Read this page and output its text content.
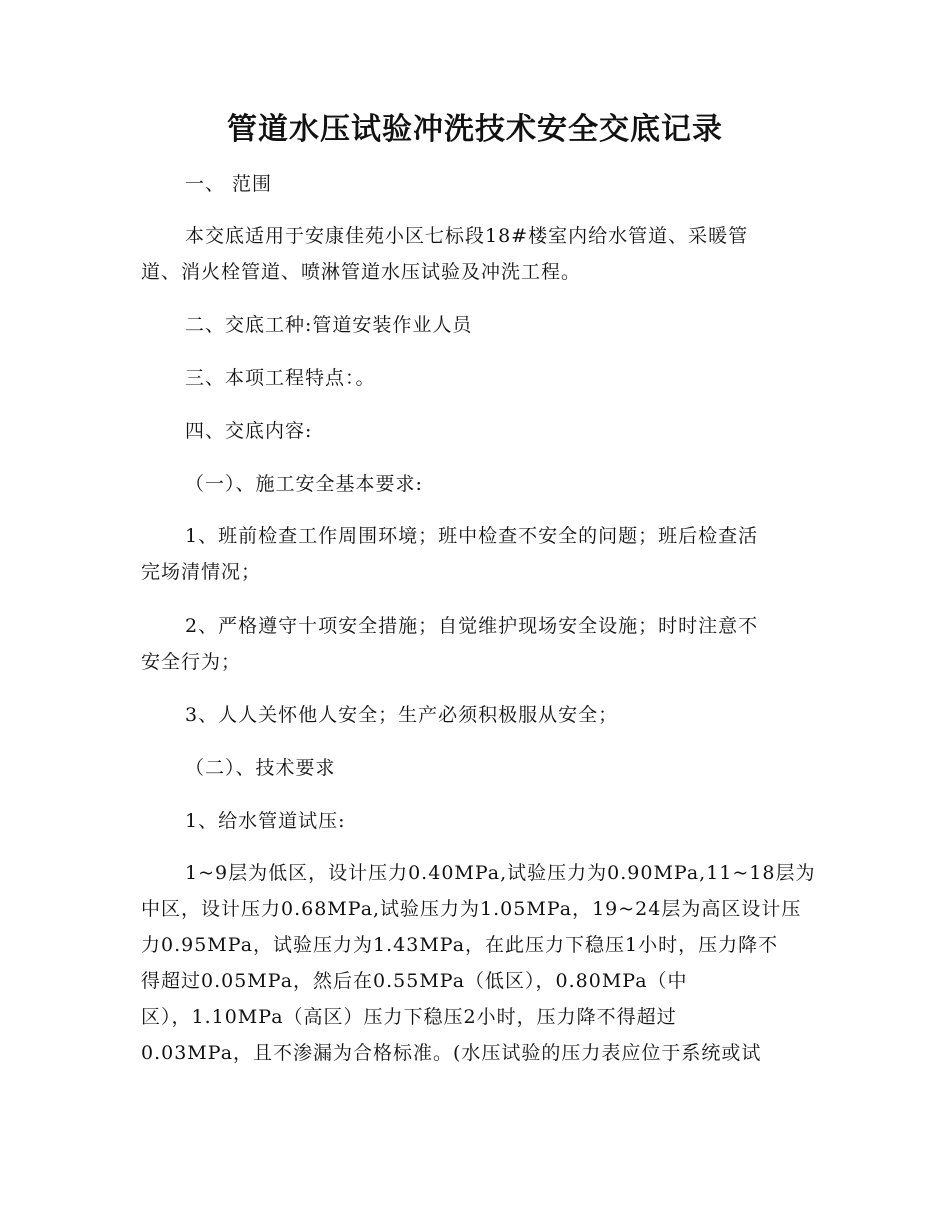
管道水压试验冲洗技术安全交底记录

一、 范围

本交底适用于安康佳苑小区七标段18#楼室内给水管道、采暖管
道、消火栓管道、喷淋管道水压试验及冲洗工程。

二、交底工种:管道安装作业人员

三、本项工程特点：。

四、交底内容:

（一）、施工安全基本要求:

1、班前检查工作周围环境；班中检查不安全的问题；班后检查活
完场清情况；

2、严格遵守十项安全措施；自觉维护现场安全设施；时时注意不
安全行为；

3、人人关怀他人安全；生产必须积极服从安全；

（二）、技术要求

1、给水管道试压:

1~9层为低区，设计压力0.40MPa,试验压力为0.90MPa,11~18层为
中区，设计压力0.68MPa,试验压力为1.05MPa，19~24层为高区设计压
力0.95MPa，试验压力为1.43MPa，在此压力下稳压1小时，压力降不
得超过0.05MPa，然后在0.55MPa（低区），0.80MPa（中
区），1.10MPa（高区）压力下稳压2小时，压力降不得超过
0.03MPa，且不渗漏为合格标准。(水压试验的压力表应位于系统或试
